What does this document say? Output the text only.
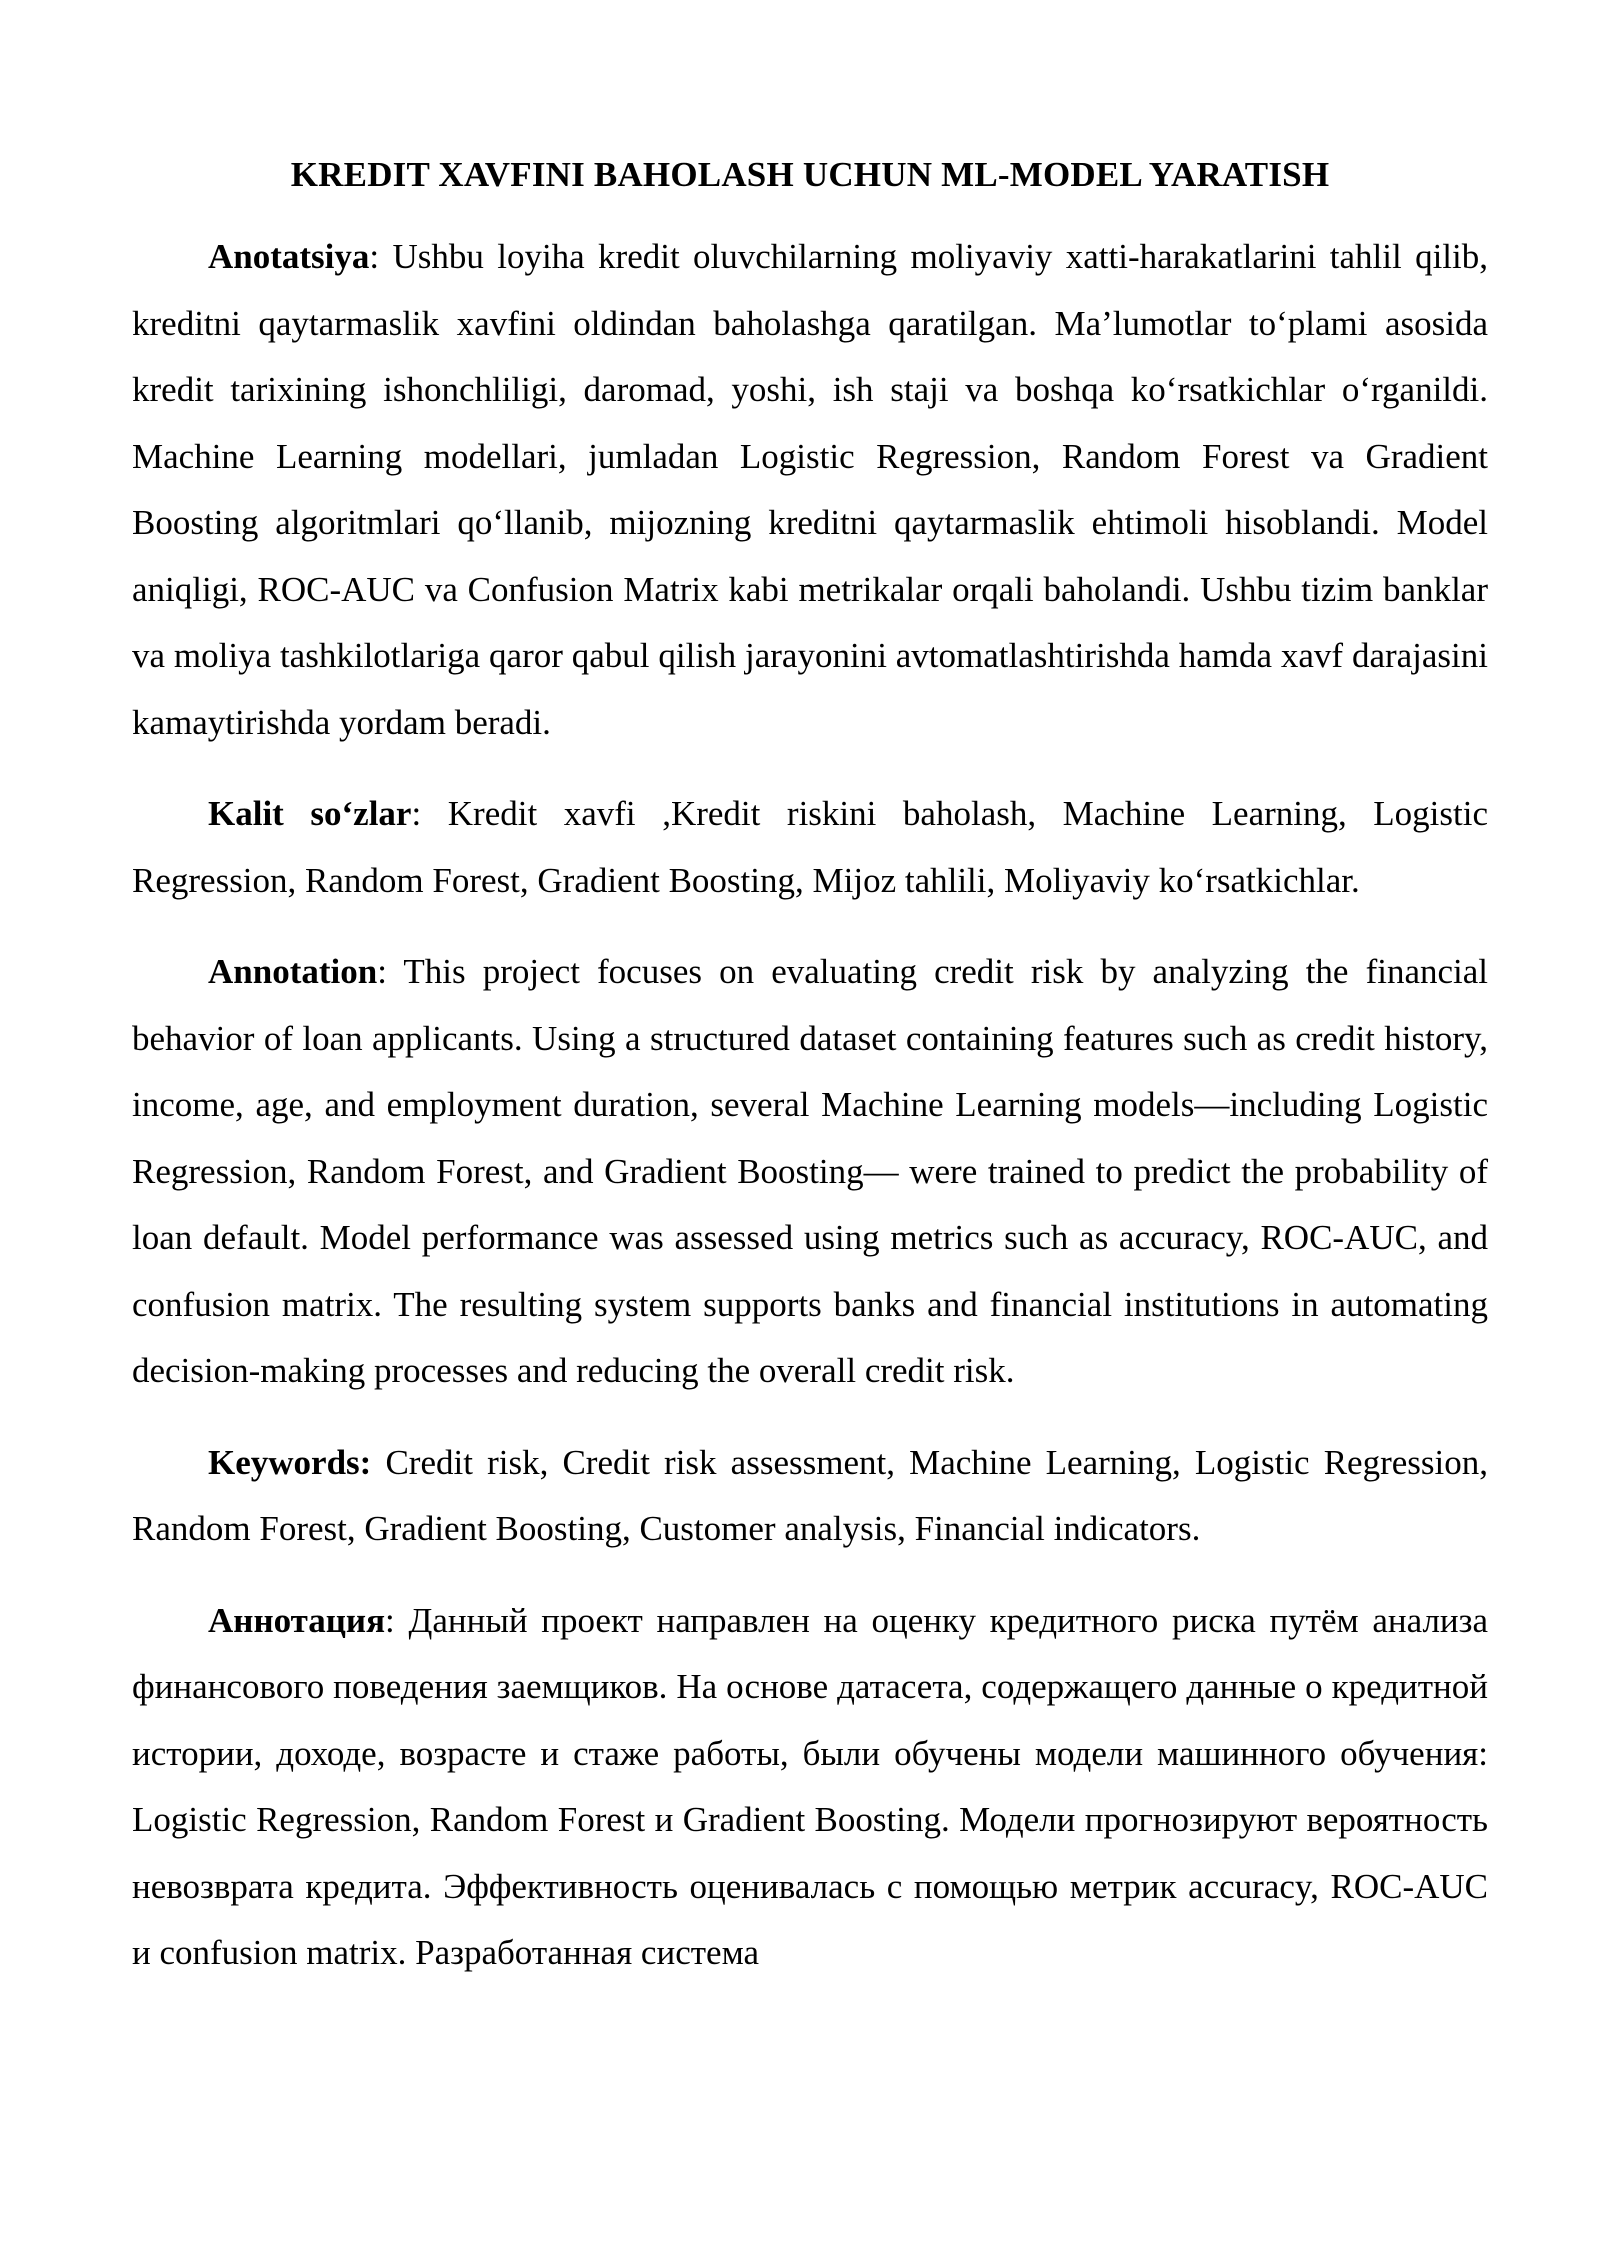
KREDIT XAVFINI BAHOLASH UCHUN ML-MODEL YARATISH

Anotatsiya: Ushbu loyiha kredit oluvchilarning moliyaviy xatti-harakatlarini tahlil qilib, kreditni qaytarmaslik xavfini oldindan baholashga qaratilgan. Ma’lumotlar to‘plami asosida kredit tarixining ishonchliligi, daromad, yoshi, ish staji va boshqa ko‘rsatkichlar o‘rganildi. Machine Learning modellari, jumladan Logistic Regression, Random Forest va Gradient Boosting algoritmlari qo‘llanib, mijozning kreditni qaytarmaslik ehtimoli hisoblandi. Model aniqligi, ROC-AUC va Confusion Matrix kabi metrikalar orqali baholandi. Ushbu tizim banklar va moliya tashkilotlariga qaror qabul qilish jarayonini avtomatlashtirishda hamda xavf darajasini kamaytirishda yordam beradi.

Kalit so‘zlar: Kredit xavfi ,Kredit riskini baholash, Machine Learning, Logistic Regression, Random Forest, Gradient Boosting, Mijoz tahlili, Moliyaviy ko‘rsatkichlar.

Annotation: This project focuses on evaluating credit risk by analyzing the financial behavior of loan applicants. Using a structured dataset containing features such as credit history, income, age, and employment duration, several Machine Learning models—including Logistic Regression, Random Forest, and Gradient Boosting— were trained to predict the probability of loan default. Model performance was assessed using metrics such as accuracy, ROC-AUC, and confusion matrix. The resulting system supports banks and financial institutions in automating decision-making processes and reducing the overall credit risk.

Keywords: Credit risk, Credit risk assessment, Machine Learning, Logistic Regression, Random Forest, Gradient Boosting, Customer analysis, Financial indicators.

Аннотация: Данный проект направлен на оценку кредитного риска путём анализа финансового поведения заемщиков. На основе датасета, содержащего данные о кредитной истории, доходе, возрасте и стаже работы, были обучены модели машинного обучения: Logistic Regression, Random Forest и Gradient Boosting. Модели прогнозируют вероятность невозврата кредита. Эффективность оценивалась с помощью метрик accuracy, ROC-AUC и confusion matrix. Разработанная система
